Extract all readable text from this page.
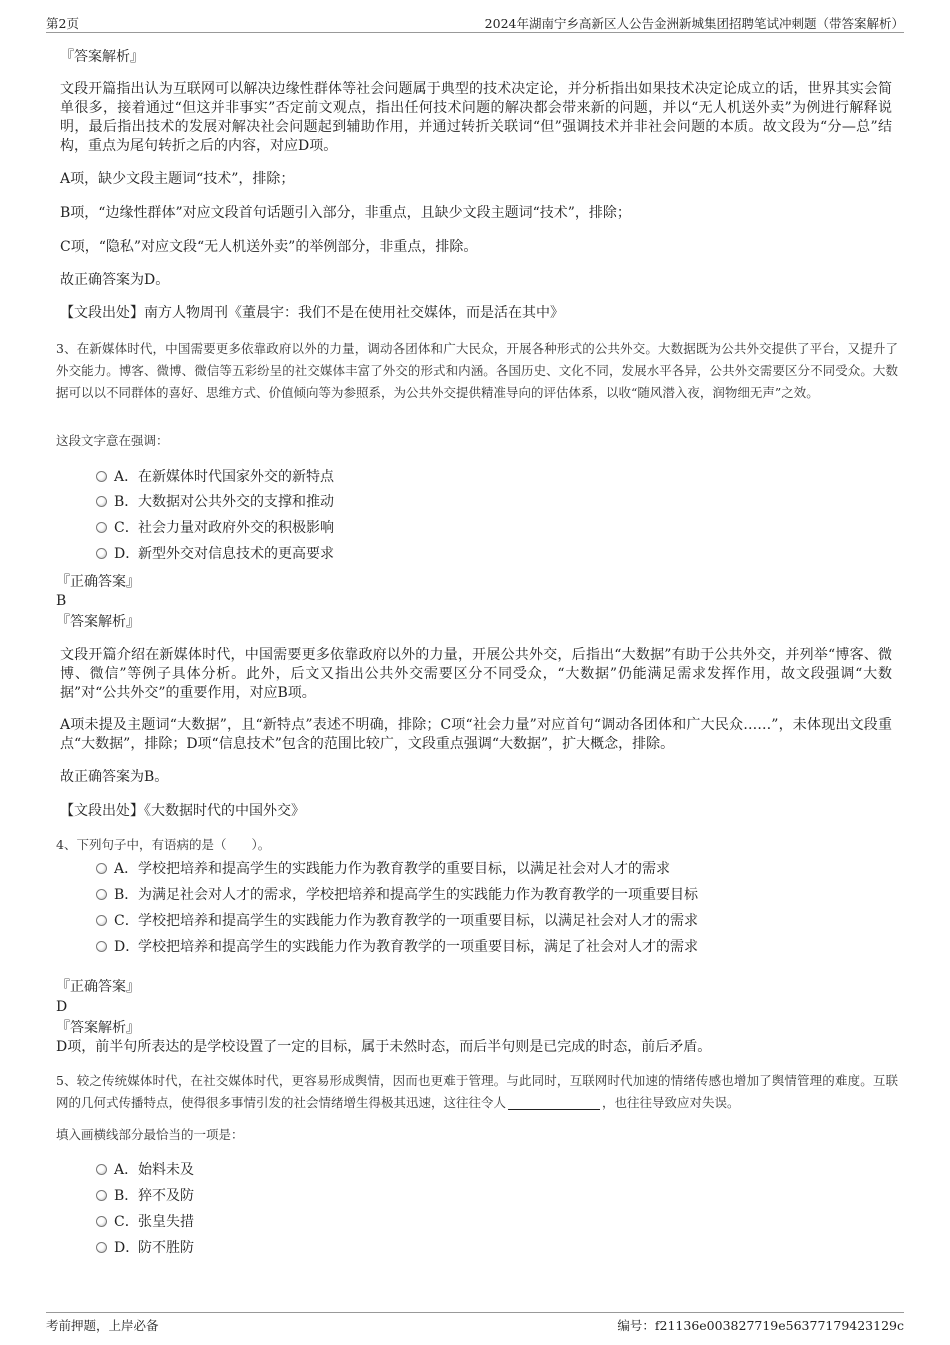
第2页	2024年湖南宁乡高新区人公告金洲新城集团招聘笔试冲刺题（带答案解析）
『答案解析』
文段开篇指出认为互联网可以解决边缘性群体等社会问题属于典型的技术决定论，并分析指出如果技术决定论成立的话，世界其实会简单很多，接着通过“但这并非事实”否定前文观点，指出任何技术问题的解决都会带来新的问题，并以“无人机送外卖”为例进行解释说明，最后指出技术的发展对解决社会问题起到辅助作用，并通过转折关联词“但”强调技术并非社会问题的本质。故文段为“分—总”结构，重点为尾句转折之后的内容，对应D项。
A项，缺少文段主题词“技术”，排除；
B项，“边缘性群体”对应文段首句话题引入部分，非重点，且缺少文段主题词“技术”，排除；
C项，“隐私”对应文段“无人机送外卖”的举例部分，非重点，排除。
故正确答案为D。
【文段出处】南方人物周刊《董晨宇：我们不是在使用社交媒体，而是活在其中》
3、在新媒体时代，中国需要更多依靠政府以外的力量，调动各团体和广大民众，开展各种形式的公共外交。大数据既为公共外交提供了平台，又提升了外交能力。博客、微博、微信等五彩纷呈的社交媒体丰富了外交的形式和内涵。各国历史、文化不同，发展水平各异，公共外交需要区分不同受众。大数据可以以不同群体的喜好、思维方式、价值倾向等为参照系，为公共外交提供精准导向的评估体系，以收“随风潜入夜，润物细无声”之效。
这段文字意在强调：
A．在新媒体时代国家外交的新特点
B．大数据对公共外交的支撑和推动
C．社会力量对政府外交的积极影响
D．新型外交对信息技术的更高要求
『正确答案』
B
『答案解析』
文段开篇介绍在新媒体时代，中国需要更多依靠政府以外的力量，开展公共外交，后指出“大数据”有助于公共外交，并列举“博客、微博、微信”等例子具体分析。此外，后文又指出公共外交需要区分不同受众，“大数据”仍能满足需求发挥作用，故文段强调“大数据”对“公共外交”的重要作用，对应B项。
A项未提及主题词“大数据”，且“新特点”表述不明确，排除；C项“社会力量”对应首句“调动各团体和广大民众……”，未体现出文段重点“大数据”，排除；D项“信息技术”包含的范围比较广，文段重点强调“大数据”，扩大概念，排除。
故正确答案为B。
【文段出处】《大数据时代的中国外交》
4、下列句子中，有语病的是（　　）。
A．学校把培养和提高学生的实践能力作为教育教学的重要目标，以满足社会对人才的需求
B．为满足社会对人才的需求，学校把培养和提高学生的实践能力作为教育教学的一项重要目标
C．学校把培养和提高学生的实践能力作为教育教学的一项重要目标，以满足社会对人才的需求
D．学校把培养和提高学生的实践能力作为教育教学的一项重要目标，满足了社会对人才的需求
『正确答案』
D
『答案解析』
D项，前半句所表达的是学校设置了一定的目标，属于未然时态，而后半句则是已完成的时态，前后矛盾。
5、较之传统媒体时代，在社交媒体时代，更容易形成舆情，因而也更难于管理。与此同时，互联网时代加速的情绪传感也增加了舆情管理的难度。互联网的几何式传播特点，使得很多事情引发的社会情绪增生得极其迅速，这往往令人	，也往往导致应对失误。
填入画横线部分最恰当的一项是：
A．始料未及
B．猝不及防
C．张皇失措
D．防不胜防
考前押题，上岸必备	编号：f21136e003827719e56377179423129c
